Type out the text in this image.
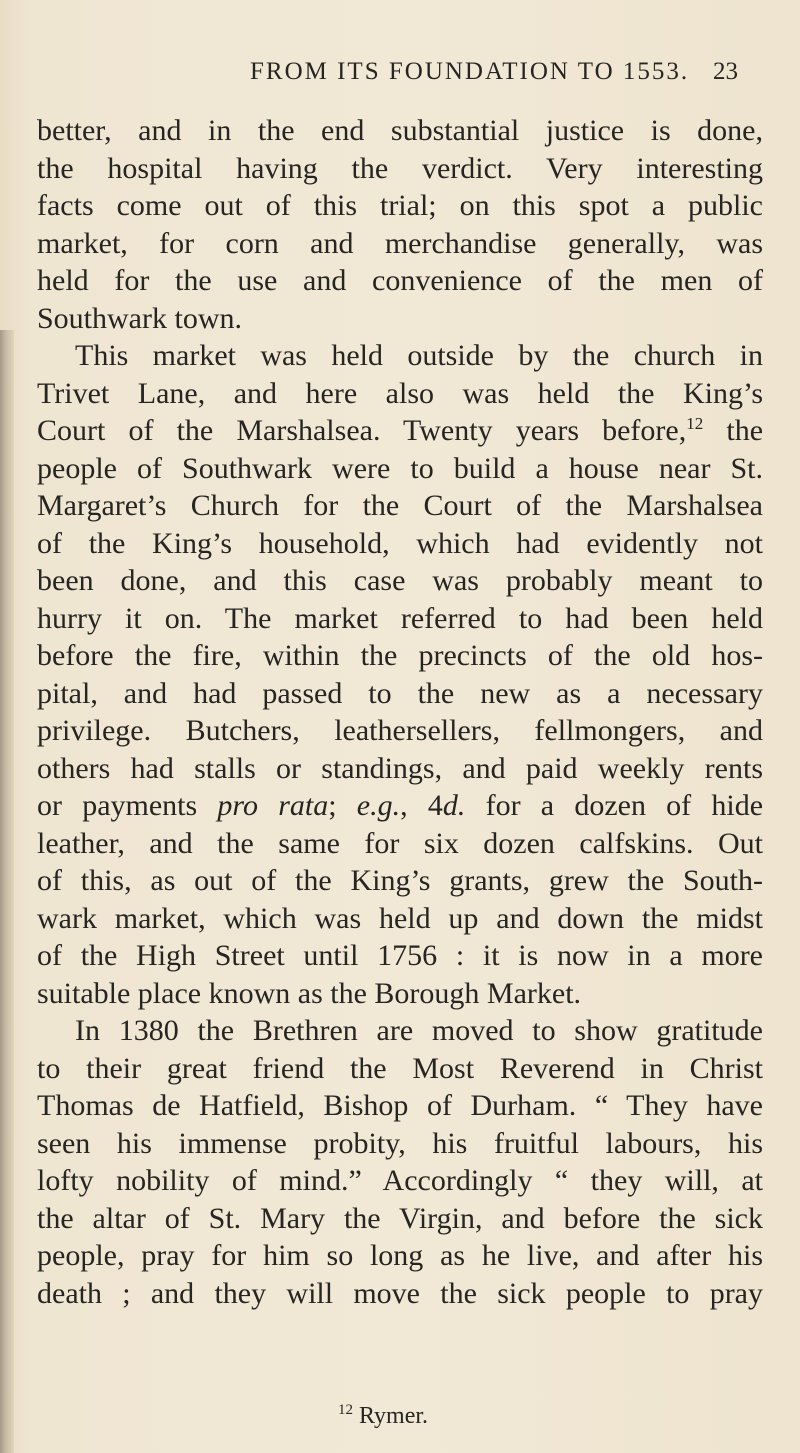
FROM ITS FOUNDATION TO 1553. 23
better, and in the end substantial justice is done,
the hospital having the verdict. Very interesting
facts come out of this trial; on this spot a public
market, for corn and merchandise generally, was
held for the use and convenience of the men of
Southwark town.
This market was held outside by the church in
Trivet Lane, and here also was held the King’s
Court of the Marshalsea. Twenty years before,$^{12}$ the
people of Southwark were to build a house near St.
Margaret’s Church for the Court of the Marshalsea
of the King’s household, which had evidently not
been done, and this case was probably meant to
hurry it on. The market referred to had been held
before the fire, within the precincts of the old hos-
pital, and had passed to the new as a necessary
privilege. Butchers, leathersellers, fellmongers, and
others had stalls or standings, and paid weekly rents
or payments pro rata; e.g., 4d. for a dozen of hide
leather, and the same for six dozen calfskins. Out
of this, as out of the King’s grants, grew the South-
wark market, which was held up and down the midst
of the High Street until 1756 : it is now in a more
suitable place known as the Borough Market.
In 1380 the Brethren are moved to show gratitude
to their great friend the Most Reverend in Christ
Thomas de Hatfield, Bishop of Durham. “ They have
seen his immense probity, his fruitful labours, his
lofty nobility of mind.” Accordingly “ they will, at
the altar of St. Mary the Virgin, and before the sick
people, pray for him so long as he live, and after his
death ; and they will move the sick people to pray
$^{12}$ Rymer.
